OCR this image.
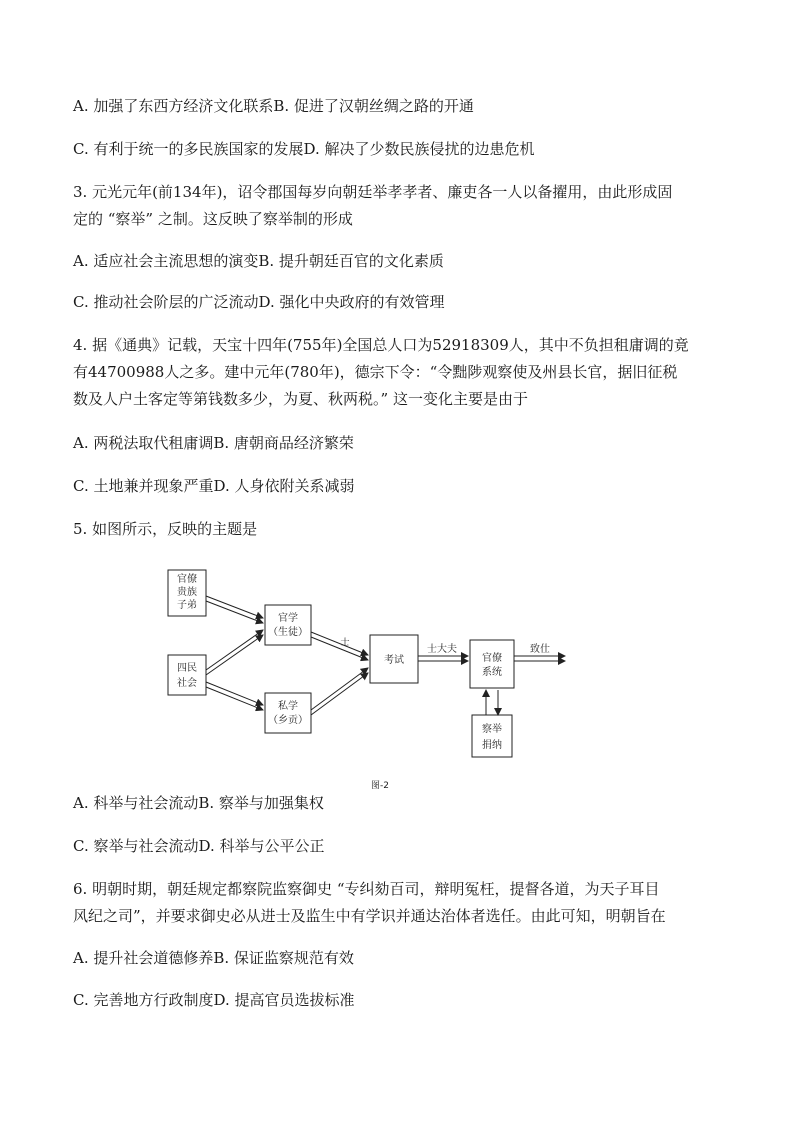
A. 加强了东西方经济文化联系B. 促进了汉朝丝绸之路的开通
C. 有利于统一的多民族国家的发展D. 解决了少数民族侵扰的边患危机
3. 元光元年(前134年)，诏令郡国每岁向朝廷举孝孝者、廉吏各一人以备擢用，由此形成固
定的 “察举” 之制。这反映了察举制的形成
A. 适应社会主流思想的演变B. 提升朝廷百官的文化素质
C. 推动社会阶层的广泛流动D. 强化中央政府的有效管理
4. 据《通典》记载，天宝十四年(755年)全国总人口为52918309人，其中不负担租庸调的竟
有44700988人之多。建中元年(780年)，德宗下令：“令黜陟观察使及州县长官，据旧征税
数及人户土客定等第钱数多少，为夏、秋两税。” 这一变化主要是由于
A. 两税法取代租庸调B. 唐朝商品经济繁荣
C. 土地兼并现象严重D. 人身依附关系减弱
5. 如图所示，反映的主题是
A. 科举与社会流动B. 察举与加强集权
C. 察举与社会流动D. 科举与公平公正
6. 明朝时期，朝廷规定都察院监察御史 “专纠劾百司，辩明冤枉，提督各道，为天子耳目
风纪之司”，并要求御史必从进士及监生中有学识并通达治体者选任。由此可知，明朝旨在
A. 提升社会道德修养B. 保证监察规范有效
C. 完善地方行政制度D. 提高官员选拔标准
官僚
贵族
子弟
四民
社会
官学
（生徒）
私学
（乡贡）
考试	官僚
系统
察举
捐纳
士
士大夫	致仕
图-2
